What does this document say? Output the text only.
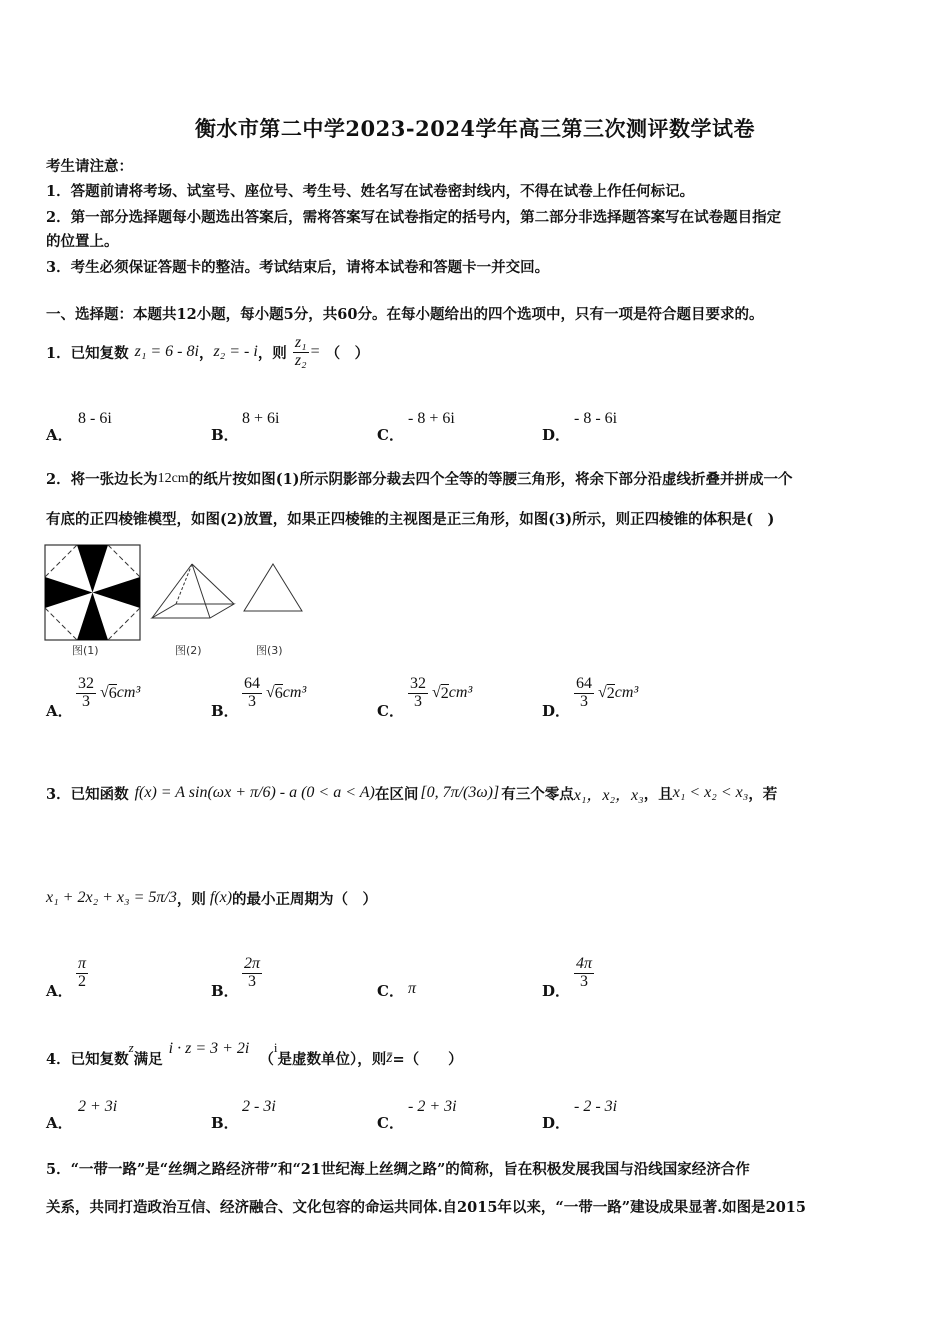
衡水市第二中学2023-2024学年高三第三次测评数学试卷
考生请注意：
1．答题前请将考场、试室号、座位号、考生号、姓名写在试卷密封线内，不得在试卷上作任何标记。
2．第一部分选择题每小题选出答案后，需将答案写在试卷指定的括号内，第二部分非选择题答案写在试卷题目指定
的位置上。
3．考生必须保证答题卡的整洁。考试结束后，请将本试卷和答题卡一并交回。
一、选择题：本题共12小题，每小题5分，共60分。在每小题给出的四个选项中，只有一项是符合题目要求的。
1．已知复数 z₁ = 6 - 8i ， z₂ = - i ，则 $\frac{\text{z₁}}{\text{z₂}}$ = （　）
A．
8 - 6i
B．
8 + 6i
C．
- 8 + 6i
D．
- 8 - 6i
2．将一张边长为 12cm 的纸片按如图(1)所示阴影部分裁去四个全等的等腰三角形，将余下部分沿虚线折叠并拼成一个
有底的正四棱锥模型，如图(2)放置，如果正四棱锥的主视图是正三角形，如图(3)所示，则正四棱锥的体积是(　)
图(1)	图(2)	图(3)
A．
$\frac{32}{3}$ √ 6 cm³
B．
$\frac{64}{3}$ √ 6 cm³
C．
$\frac{32}{3}$ √ 2 cm³
D．
$\frac{64}{3}$ √ 2 cm³
3．已知函数 f(x) = A sin(ωx + π/6) - a (0 < a < A) 在区间 [0, 7π/(3ω)] 有三个零点 x₁，x₂，x₃ ，且 x₁ < x₂ < x₃ ，若
x₁ + 2x₂ + x₃ = 5π/3 ，则 f(x) 的最小正周期为（　）
A．
$\frac{\pi}{2}$
B．
$\frac{2\pi}{3}$
C． π	D．
$\frac{4\pi}{3}$
4．已知复数
z
满足
i · z = 3 + 2i
（
i
是虚数单位），则 z̄ =（　　）
A．
2 + 3i
B．
2 - 3i
C．
- 2 + 3i
D．
- 2 - 3i
5．“一带一路”是“丝绸之路经济带”和“21世纪海上丝绸之路”的简称，旨在积极发展我国与沿线国家经济合作
关系，共同打造政治互信、经济融合、文化包容的命运共同体.自2015年以来，“一带一路”建设成果显著.如图是2015
